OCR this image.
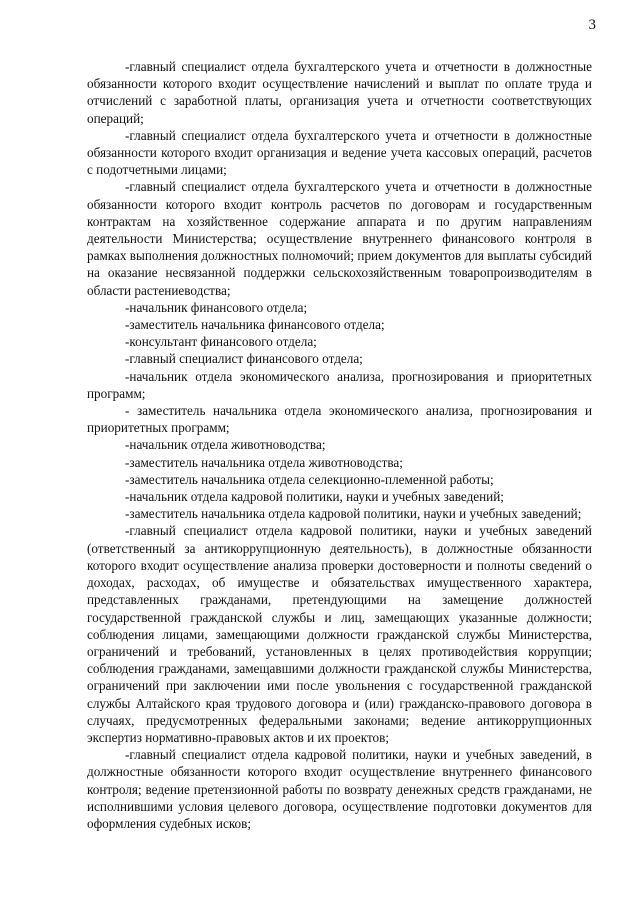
3

-главный специалист отдела бухгалтерского учета и отчетности в должностные обязанности которого входит осуществление начислений и выплат по оплате труда и отчислений с заработной платы, организация учета и отчетности соответствующих операций;

-главный специалист отдела бухгалтерского учета и отчетности в должностные обязанности которого входит организация и ведение учета кассовых операций, расчетов с подотчетными лицами;

-главный специалист отдела бухгалтерского учета и отчетности в должностные обязанности которого входит контроль расчетов по договорам и государственным контрактам на хозяйственное содержание аппарата и по другим направлениям деятельности Министерства; осуществление внутреннего финансового контроля в рамках выполнения должностных полномочий; прием документов для выплаты субсидий на оказание несвязанной поддержки сельскохозяйственным товаропроизводителям в области растениеводства;

-начальник финансового отдела;

-заместитель начальника финансового отдела;

-консультант финансового отдела;

-главный специалист финансового отдела;

-начальник отдела экономического анализа, прогнозирования и приоритетных программ;

- заместитель начальника отдела экономического анализа, прогнозирования и приоритетных программ;

-начальник отдела животноводства;

-заместитель начальника отдела животноводства;

-заместитель начальника отдела селекционно-племенной работы;

-начальник отдела кадровой политики, науки и учебных заведений;

-заместитель начальника отдела кадровой политики, науки и учебных заведений;

-главный специалист отдела кадровой политики, науки и учебных заведений (ответственный за антикоррупционную деятельность), в должностные обязанности которого входит осуществление анализа проверки достоверности и полноты сведений о доходах, расходах, об имуществе и обязательствах имущественного характера, представленных гражданами, претендующими на замещение должностей государственной гражданской службы и лиц, замещающих указанные должности; соблюдения лицами, замещающими должности гражданской службы Министерства, ограничений и требований, установленных в целях противодействия коррупции; соблюдения гражданами, замещавшими должности гражданской службы Министерства, ограничений при заключении ими после увольнения с государственной гражданской службы Алтайского края трудового договора и (или) гражданско-правового договора в случаях, предусмотренных федеральными законами; ведение антикоррупционных экспертиз нормативно-правовых актов и их проектов;

-главный специалист отдела кадровой политики, науки и учебных заведений, в должностные обязанности которого входит осуществление внутреннего финансового контроля; ведение претензионной работы по возврату денежных средств гражданами, не исполнившими условия целевого договора, осуществление подготовки документов для оформления судебных исков;
